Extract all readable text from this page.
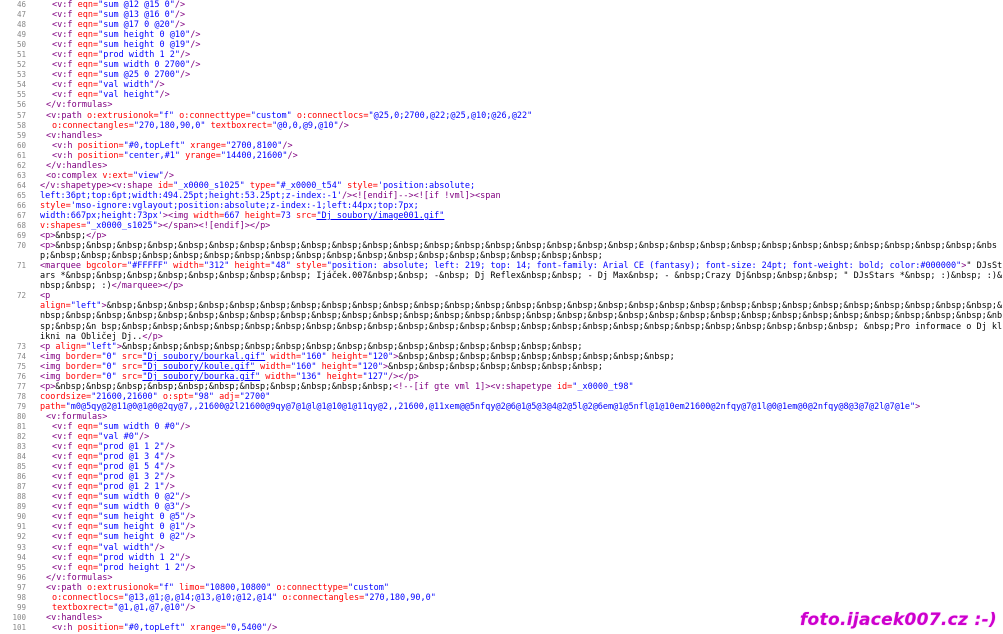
46	<v:f eqn="sum @12 @15 0"/>
47	<v:f eqn="sum @13 @16 0"/>
48	<v:f eqn="sum @17 0 @20"/>
49	<v:f eqn="sum height 0 @10"/>
50	<v:f eqn="sum height 0 @19"/>
51	<v:f eqn="prod width 1 2"/>
52	<v:f eqn="sum width 0 2700"/>
53	<v:f eqn="sum @25 0 2700"/>
54	<v:f eqn="val width"/>
55	<v:f eqn="val height"/>
56	</v:formulas>
57	<v:path o:extrusionok="f" o:connecttype="custom" o:connectlocs="@25,0;2700,@22;@25,@10;@26,@22"
58	o:connectangles="270,180,90,0" textboxrect="@0,0,@9,@10"/>
59	<v:handles>
60	<v:h position="#0,topLeft" xrange="2700,8100"/>
61	<v:h position="center,#1" yrange="14400,21600"/>
62	</v:handles>
63	<o:complex v:ext="view"/>
64	</v:shapetype><v:shape id="_x0000_s1025" type="#_x0000_t54" style='position:absolute;
65	left:36pt;top:6pt;width:494.25pt;height:53.25pt;z-index:-1'/><![endif]--><![if !vml]><span
66	style='mso-ignore:vglayout;position:absolute;z-index:-1;left:44px;top:7px;
67	width:667px;height:73px'><img width=667 height=73 src="Dj_soubory/image001.gif"
68	v:shapes="_x0000_s1025"></span><![endif]></p>
69	<p>&nbsp;</p>
70	<p>&nbsp;&nbsp;&nbsp;&nbsp;&nbsp;&nbsp;&nbsp;&nbsp;&nbsp;&nbsp;&nbsp;&nbsp;&nbsp;&nbsp;&nbsp;&nbsp;&nbsp;&nbsp;&nbsp;&nbsp;&nbsp;&nbsp;&nbsp;&nbsp;&nbsp;&nbsp;&nbsp;&nbsp;&nbsp;&nbsp;&nbsp;&nbsp;&nbsp;&nbsp;&nbsp;&nbsp;&nbsp;&nbsp;&nbsp;&nbsp;&nbsp;&nbsp;&nbsp;&nbsp;&nbsp;&nbsp;&nbsp;&nbsp;&nbsp;
71	<marquee bgcolor="#FFFFF" width="312" height="48" style="position: absolute; left: 219; top: 14; font-family: Arial CE (fantasy); font-size: 24pt; font-weight: bold; color:#000000">" DJsStars *&nbsp;&nbsp;&nbsp;&nbsp;&nbsp;&nbsp;&nbsp;&nbsp; Ijáček.007&nbsp;&nbsp; -&nbsp; Dj Reflex&nbsp;&nbsp; - Dj Max&nbsp; - &nbsp;Crazy Dj&nbsp;&nbsp;&nbsp; " DJsStars *&nbsp; :)&nbsp; :)&nbsp;&nbsp; :)</marquee></p>
72	<p
align="left">&nbsp;&nbsp;&nbsp;&nbsp;&nbsp;&nbsp;&nbsp;&nbsp;&nbsp;&nbsp;&nbsp;&nbsp;&nbsp;&nbsp;&nbsp;&nbsp;&nbsp;&nbsp;&nbsp;&nbsp;&nbsp;&nbsp;&nbsp;&nbsp;&nbsp;&nbsp;&nbsp;&nbsp;&nbsp;&nbsp;&nbsp;&nbsp;&nbsp;&nbsp;&nbsp;&nbsp;&nbsp;&nbsp;&nbsp;&nbsp;&nbsp;&nbsp;&nbsp;&nbsp;&nbsp;&nbsp;&nbsp;&nbsp;&nbsp;&nbsp;&nbsp;&nbsp;&nbsp;&nbsp;&nbsp;&nbsp;&nbsp;&nbsp;&nbsp;&nbsp;&nbsp;&nbsp;&n bsp;&nbsp;&nbsp;&nbsp;&nbsp;&nbsp;&nbsp;&nbsp;&nbsp;&nbsp;&nbsp;&nbsp;&nbsp;&nbsp;&nbsp;&nbsp;&nbsp;&nbsp;&nbsp;&nbsp;&nbsp;&nbsp;&nbsp;&nbsp;&nbsp; &nbsp;Pro informace o Dj klikni na Obličej Dj..</p>
73	<p align="left">&nbsp;&nbsp;&nbsp;&nbsp;&nbsp;&nbsp;&nbsp;&nbsp;&nbsp;&nbsp;&nbsp;&nbsp;&nbsp;&nbsp;&nbsp;
74	<img border="0" src="Dj_soubory/bourkal.gif" width="160" height="120">&nbsp;&nbsp;&nbsp;&nbsp;&nbsp;&nbsp;&nbsp;&nbsp;&nbsp;
75	<img border="0" src="Dj_soubory/koule.gif" width="160" height="120">&nbsp;&nbsp;&nbsp;&nbsp;&nbsp;&nbsp;&nbsp;
76	<img border="0" src="Dj_soubory/bourka.gif" width="136" height="127"/></p>
77	<p>&nbsp;&nbsp;&nbsp;&nbsp;&nbsp;&nbsp;&nbsp;&nbsp;&nbsp;&nbsp;&nbsp;<!--[if gte vml 1]><v:shapetype id="_x0000_t98"
78	coordsize="21600,21600" o:spt="98" adj="2700"
79	path="m0@5qy@2@11@0@1@0@2qy@7,,21600@2l21600@9qy@7@1@l@1@10@1@11qy@2,,21600,@11xem@@5nfqy@2@6@1@5@3@4@2@5l@2@6em@1@5nfl@1@10em21600@2nfqy@7@1l@0@1em@0@2nfqy@8@3@7@2l@7@1e">
80	<v:formulas>
81	<v:f eqn="sum width 0 #0"/>
82	<v:f eqn="val #0"/>
83	<v:f eqn="prod @1 1 2"/>
84	<v:f eqn="prod @1 3 4"/>
85	<v:f eqn="prod @1 5 4"/>
86	<v:f eqn="prod @1 3 2"/>
87	<v:f eqn="prod @1 2 1"/>
88	<v:f eqn="sum width 0 @2"/>
89	<v:f eqn="sum width 0 @3"/>
90	<v:f eqn="sum height 0 @5"/>
91	<v:f eqn="sum height 0 @1"/>
92	<v:f eqn="sum height 0 @2"/>
93	<v:f eqn="val width"/>
94	<v:f eqn="prod width 1 2"/>
95	<v:f eqn="prod height 1 2"/>
96	</v:formulas>
97	<v:path o:extrusionok="f" limo="10800,10800" o:connecttype="custom"
98	o:connectlocs="@13,@1;@,@14;@13,@10;@12,@14" o:connectangles="270,180,90,0"
99	textboxrect="@1,@1,@7,@10"/>
100	<v:handles>
101	<v:h position="#0,topLeft" xrange="0,5400"/>	foto.ijacek007.cz :-)
